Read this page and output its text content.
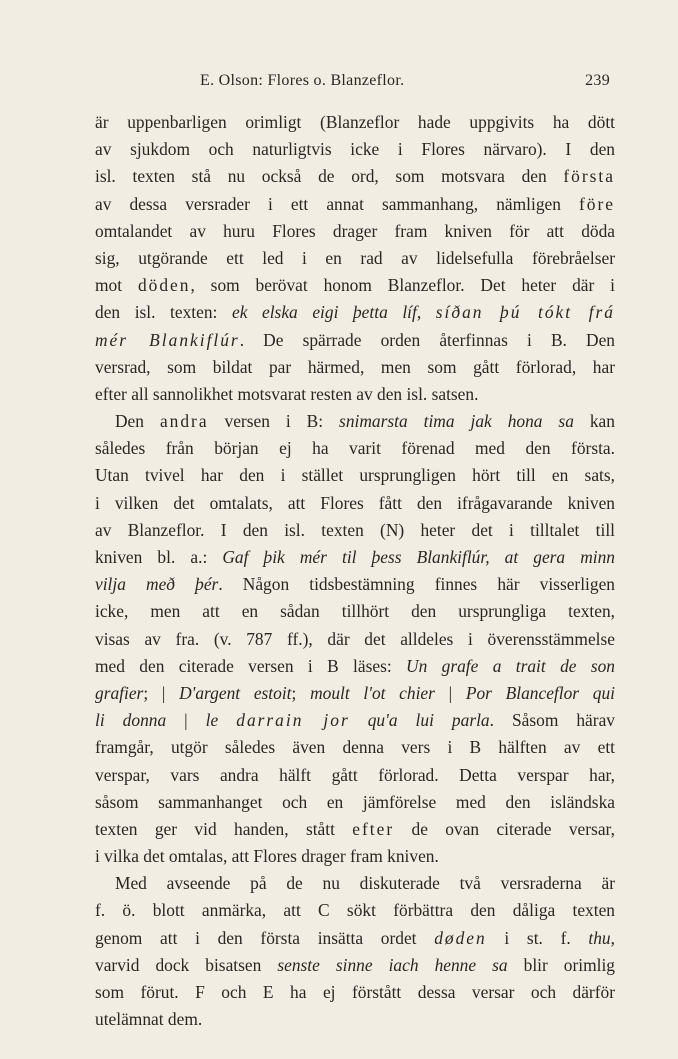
E. Olson: Flores o. Blanzeflor.	239
är uppenbarligen orimligt (Blanzeflor hade uppgivits ha dött
av sjukdom och naturligtvis icke i Flores närvaro). I den
isl. texten stå nu också de ord, som motsvara den första
av dessa versrader i ett annat sammanhang, nämligen före
omtalandet av huru Flores drager fram kniven för att döda
sig, utgörande ett led i en rad av lidelsefulla förebråelser
mot döden, som berövat honom Blanzeflor. Det heter där i
den isl. texten: ek elska eigi þetta líf, síðan þú tókt frá
mér Blankiflúr. De spärrade orden återfinnas i B. Den
versrad, som bildat par härmed, men som gått förlorad, har
efter all sannolikhet motsvarat resten av den isl. satsen.
Den andra versen i B: snimarsta tima jak hona sa kan
således från början ej ha varit förenad med den första.
Utan tvivel har den i stället ursprungligen hört till en sats,
i vilken det omtalats, att Flores fått den ifrågavarande kniven
av Blanzeflor. I den isl. texten (N) heter det i tilltalet till
kniven bl. a.: Gaf þik mér til þess Blankiflúr, at gera minn
vilja með þér. Någon tidsbestämning finnes här visserligen
icke, men att en sådan tillhört den ursprungliga texten,
visas av fra. (v. 787 ff.), där det alldeles i överensstämmelse
med den citerade versen i B läses: Un grafe a trait de son
grafier; | D'argent estoit; moult l'ot chier | Por Blanceflor qui
li donna | le darrain jor qu'a lui parla. Såsom härav
framgår, utgör således även denna vers i B hälften av ett
verspar, vars andra hälft gått förlorad. Detta verspar har,
såsom sammanhanget och en jämförelse med den isländska
texten ger vid handen, stått efter de ovan citerade versar,
i vilka det omtalas, att Flores drager fram kniven.
Med avseende på de nu diskuterade två versraderna är
f. ö. blott anmärka, att C sökt förbättra den dåliga texten
genom att i den första insätta ordet døden i st. f. thu,
varvid dock bisatsen senste sinne iach henne sa blir orimlig
som förut. F och E ha ej förstått dessa versar och därför
utelämnat dem.
